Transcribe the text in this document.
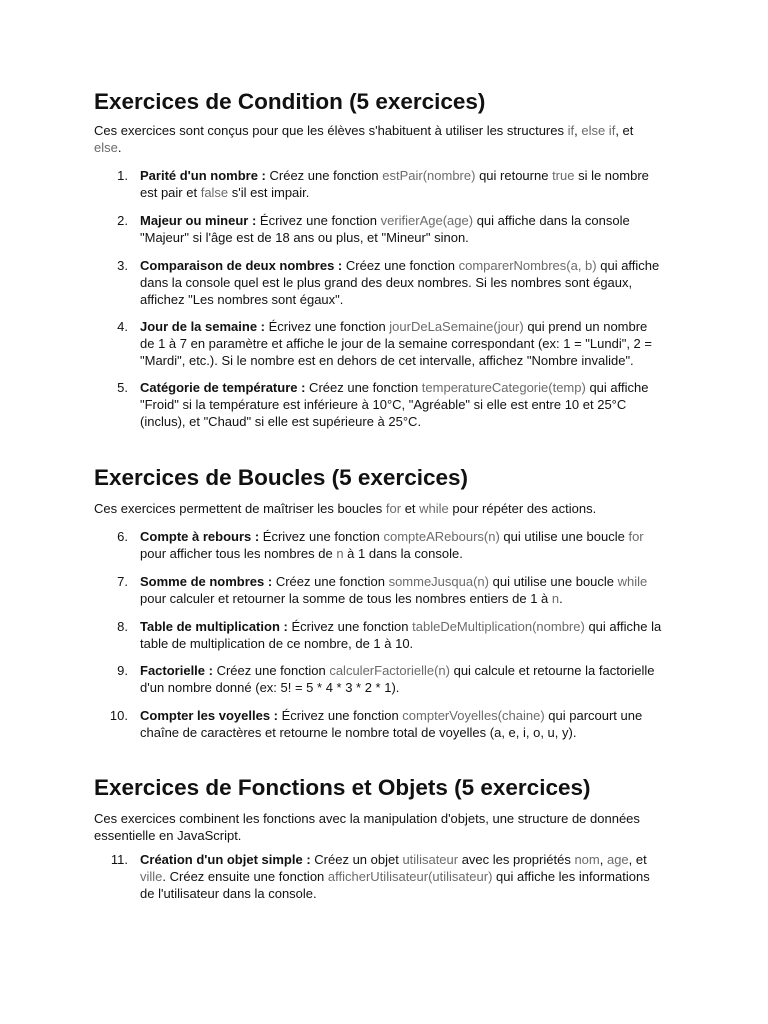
Exercices de Condition (5 exercices)

Ces exercices sont conçus pour que les élèves s'habituent à utiliser les structures if, else if, et
else.

1. Parité d'un nombre : Créez une fonction estPair(nombre) qui retourne true si le nombre
est pair et false s'il est impair.
2. Majeur ou mineur : Écrivez une fonction verifierAge(age) qui affiche dans la console
"Majeur" si l'âge est de 18 ans ou plus, et "Mineur" sinon.
3. Comparaison de deux nombres : Créez une fonction comparerNombres(a, b) qui affiche
dans la console quel est le plus grand des deux nombres. Si les nombres sont égaux,
affichez "Les nombres sont égaux".
4. Jour de la semaine : Écrivez une fonction jourDeLaSemaine(jour) qui prend un nombre
de 1 à 7 en paramètre et affiche le jour de la semaine correspondant (ex: 1 = "Lundi", 2 =
"Mardi", etc.). Si le nombre est en dehors de cet intervalle, affichez "Nombre invalide".
5. Catégorie de température : Créez une fonction temperatureCategorie(temp) qui affiche
"Froid" si la température est inférieure à 10°C, "Agréable" si elle est entre 10 et 25°C
(inclus), et "Chaud" si elle est supérieure à 25°C.
Exercices de Boucles (5 exercices)

Ces exercices permettent de maîtriser les boucles for et while pour répéter des actions.

6. Compte à rebours : Écrivez une fonction compteARebours(n) qui utilise une boucle for
pour afficher tous les nombres de n à 1 dans la console.
7. Somme de nombres : Créez une fonction sommeJusqua(n) qui utilise une boucle while
pour calculer et retourner la somme de tous les nombres entiers de 1 à n.
8. Table de multiplication : Écrivez une fonction tableDeMultiplication(nombre) qui affiche la
table de multiplication de ce nombre, de 1 à 10.
9. Factorielle : Créez une fonction calculerFactorielle(n) qui calcule et retourne la factorielle
d'un nombre donné (ex: 5! = 5 * 4 * 3 * 2 * 1).
10. Compter les voyelles : Écrivez une fonction compterVoyelles(chaine) qui parcourt une
chaîne de caractères et retourne le nombre total de voyelles (a, e, i, o, u, y).
Exercices de Fonctions et Objets (5 exercices)

Ces exercices combinent les fonctions avec la manipulation d'objets, une structure de données
essentielle en JavaScript.

11. Création d'un objet simple : Créez un objet utilisateur avec les propriétés nom, age, et
ville. Créez ensuite une fonction afficherUtilisateur(utilisateur) qui affiche les informations
de l'utilisateur dans la console.
